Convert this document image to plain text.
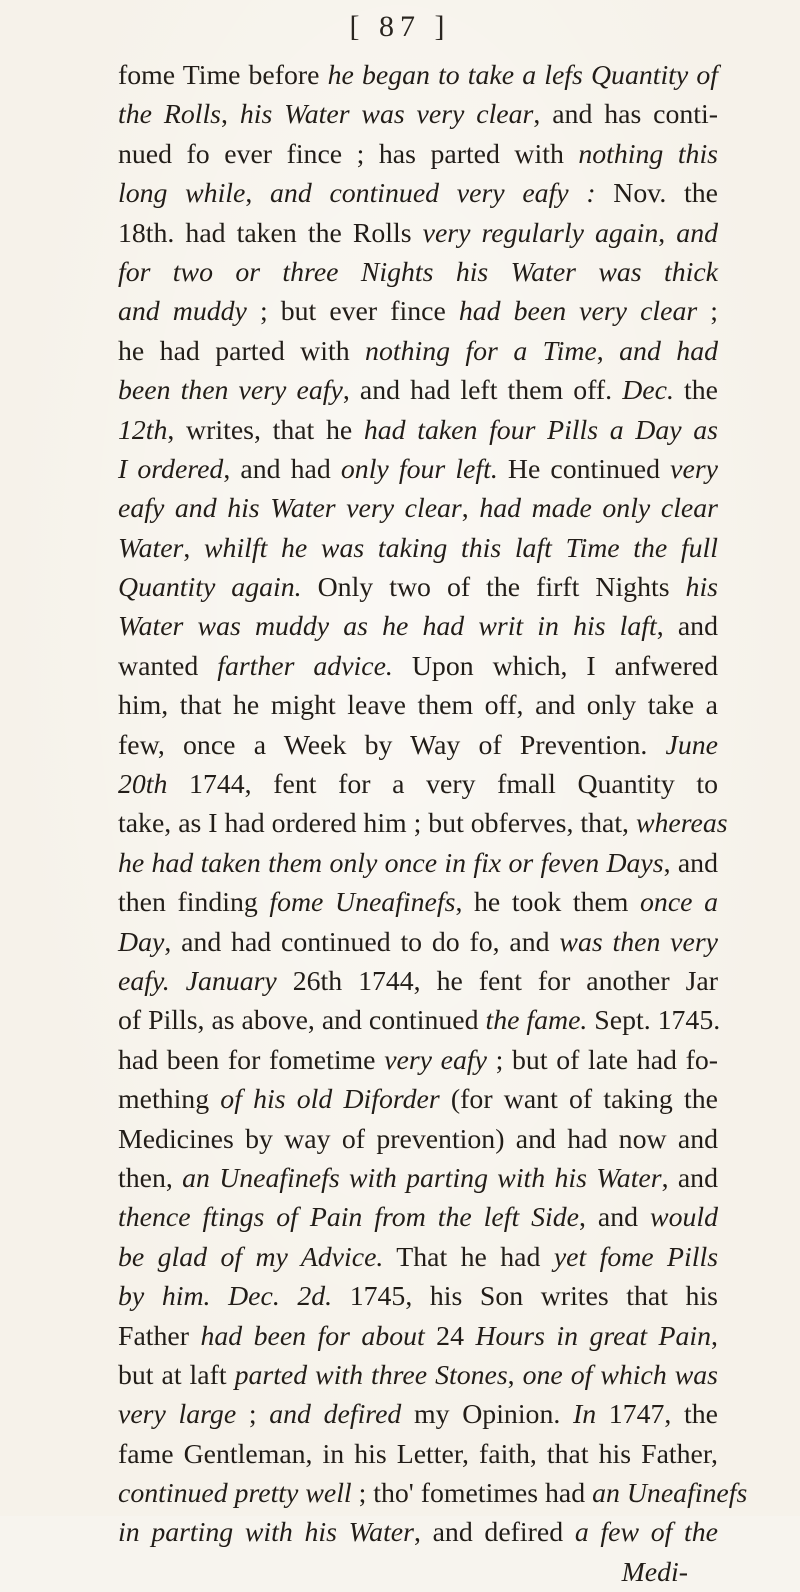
[ 87 ]
fome Time before he began to take a lefs Quantity of
the Rolls, his Water was very clear, and has conti-
nued fo ever fince ; has parted with nothing this
long while, and continued very eafy : Nov. the
18th. had taken the Rolls very regularly again, and
for two or three Nights his Water was thick
and muddy ; but ever fince had been very clear ;
he had parted with nothing for a Time, and had
been then very eafy, and had left them off. Dec. the
12th, writes, that he had taken four Pills a Day as
I ordered, and had only four left. He continued very
eafy and his Water very clear, had made only clear
Water, whilft he was taking this laft Time the full
Quantity again. Only two of the firft Nights his
Water was muddy as he had writ in his laft, and
wanted farther advice. Upon which, I anfwered
him, that he might leave them off, and only take a
few, once a Week by Way of Prevention. June
20th 1744, fent for a very fmall Quantity to
take, as I had ordered him ; but obferves, that, whereas
he had taken them only once in fix or feven Days, and
then finding fome Uneafinefs, he took them once a
Day, and had continued to do fo, and was then very
eafy. January 26th 1744, he fent for another Jar
of Pills, as above, and continued the fame. Sept. 1745.
had been for fometime very eafy ; but of late had fo-
mething of his old Diforder (for want of taking the
Medicines by way of prevention) and had now and
then, an Uneafinefs with parting with his Water, and
thence ftings of Pain from the left Side, and would
be glad of my Advice. That he had yet fome Pills
by him. Dec. 2d. 1745, his Son writes that his
Father had been for about 24 Hours in great Pain,
but at laft parted with three Stones, one of which was
very large ; and defired my Opinion. In 1747, the
fame Gentleman, in his Letter, faith, that his Father,
continued pretty well ; tho' fometimes had an Uneafinefs
in parting with his Water, and defired a few of the
Medi-
